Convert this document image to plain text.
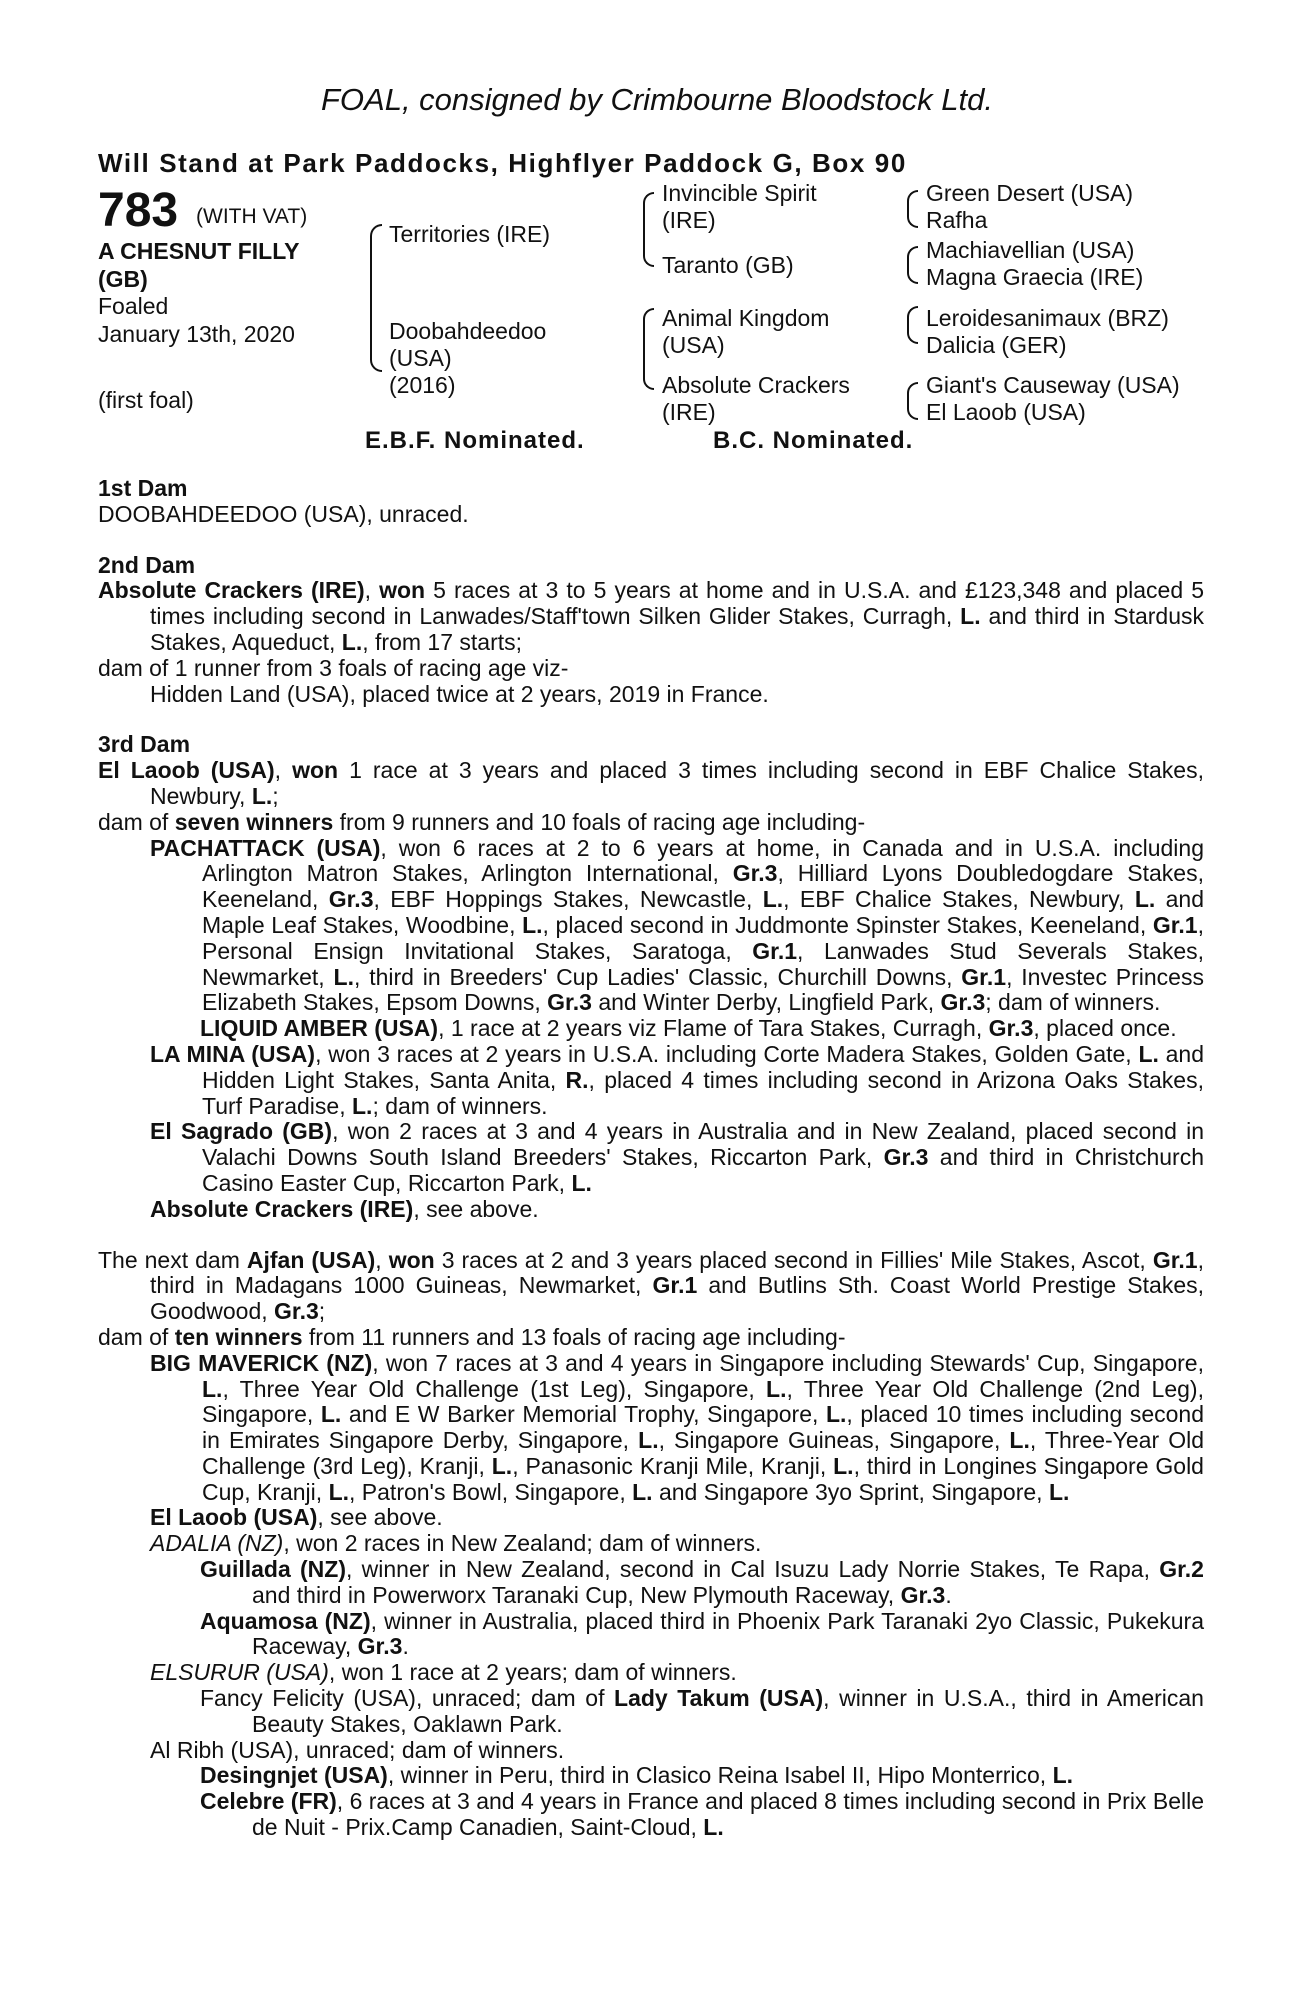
FOAL, consigned by Crimbourne Bloodstock Ltd.
Will Stand at Park Paddocks, Highflyer Paddock G, Box 90
783 (WITH VAT)
A CHESNUT FILLY
(GB)
Foaled
January 13th, 2020
(first foal)
Territories (IRE)
Doobahdeedoo
(USA)
(2016)
Invincible Spirit
(IRE)
Taranto (GB)
Animal Kingdom
(USA)
Absolute Crackers
(IRE)
Green Desert (USA)
Rafha
Machiavellian (USA)
Magna Graecia (IRE)
Leroidesanimaux (BRZ)
Dalicia (GER)
Giant's Causeway (USA)
El Laoob (USA)
E.B.F. Nominated.	B.C. Nominated.
1st Dam
DOOBAHDEEDOO (USA), unraced.
2nd Dam
Absolute Crackers (IRE), won 5 races at 3 to 5 years at home and in U.S.A. and £123,348 and placed 5 times including second in Lanwades/Staff'town Silken Glider Stakes, Curragh, L. and third in Stardusk Stakes, Aqueduct, L., from 17 starts;
dam of 1 runner from 3 foals of racing age viz-
Hidden Land (USA), placed twice at 2 years, 2019 in France.
3rd Dam
El Laoob (USA), won 1 race at 3 years and placed 3 times including second in EBF Chalice Stakes, Newbury, L.;
dam of seven winners from 9 runners and 10 foals of racing age including-
PACHATTACK (USA), won 6 races at 2 to 6 years at home, in Canada and in U.S.A. including Arlington Matron Stakes, Arlington International, Gr.3, Hilliard Lyons Doubledogdare Stakes, Keeneland, Gr.3, EBF Hoppings Stakes, Newcastle, L., EBF Chalice Stakes, Newbury, L. and Maple Leaf Stakes, Woodbine, L., placed second in Juddmonte Spinster Stakes, Keeneland, Gr.1, Personal Ensign Invitational Stakes, Saratoga, Gr.1, Lanwades Stud Severals Stakes, Newmarket, L., third in Breeders' Cup Ladies' Classic, Churchill Downs, Gr.1, Investec Princess Elizabeth Stakes, Epsom Downs, Gr.3 and Winter Derby, Lingfield Park, Gr.3; dam of winners.
LIQUID AMBER (USA), 1 race at 2 years viz Flame of Tara Stakes, Curragh, Gr.3, placed once.
LA MINA (USA), won 3 races at 2 years in U.S.A. including Corte Madera Stakes, Golden Gate, L. and Hidden Light Stakes, Santa Anita, R., placed 4 times including second in Arizona Oaks Stakes, Turf Paradise, L.; dam of winners.
El Sagrado (GB), won 2 races at 3 and 4 years in Australia and in New Zealand, placed second in Valachi Downs South Island Breeders' Stakes, Riccarton Park, Gr.3 and third in Christchurch Casino Easter Cup, Riccarton Park, L.
Absolute Crackers (IRE), see above.
The next dam Ajfan (USA), won 3 races at 2 and 3 years placed second in Fillies' Mile Stakes, Ascot, Gr.1, third in Madagans 1000 Guineas, Newmarket, Gr.1 and Butlins Sth. Coast World Prestige Stakes, Goodwood, Gr.3;
dam of ten winners from 11 runners and 13 foals of racing age including-
BIG MAVERICK (NZ), won 7 races at 3 and 4 years in Singapore including Stewards' Cup, Singapore, L., Three Year Old Challenge (1st Leg), Singapore, L., Three Year Old Challenge (2nd Leg), Singapore, L. and E W Barker Memorial Trophy, Singapore, L., placed 10 times including second in Emirates Singapore Derby, Singapore, L., Singapore Guineas, Singapore, L., Three-Year Old Challenge (3rd Leg), Kranji, L., Panasonic Kranji Mile, Kranji, L., third in Longines Singapore Gold Cup, Kranji, L., Patron's Bowl, Singapore, L. and Singapore 3yo Sprint, Singapore, L.
El Laoob (USA), see above.
ADALIA (NZ), won 2 races in New Zealand; dam of winners.
Guillada (NZ), winner in New Zealand, second in Cal Isuzu Lady Norrie Stakes, Te Rapa, Gr.2 and third in Powerworx Taranaki Cup, New Plymouth Raceway, Gr.3.
Aquamosa (NZ), winner in Australia, placed third in Phoenix Park Taranaki 2yo Classic, Pukekura Raceway, Gr.3.
ELSURUR (USA), won 1 race at 2 years; dam of winners.
Fancy Felicity (USA), unraced; dam of Lady Takum (USA), winner in U.S.A., third in American Beauty Stakes, Oaklawn Park.
Al Ribh (USA), unraced; dam of winners.
Desingnjet (USA), winner in Peru, third in Clasico Reina Isabel II, Hipo Monterrico, L.
Celebre (FR), 6 races at 3 and 4 years in France and placed 8 times including second in Prix Belle de Nuit - Prix.Camp Canadien, Saint-Cloud, L.
